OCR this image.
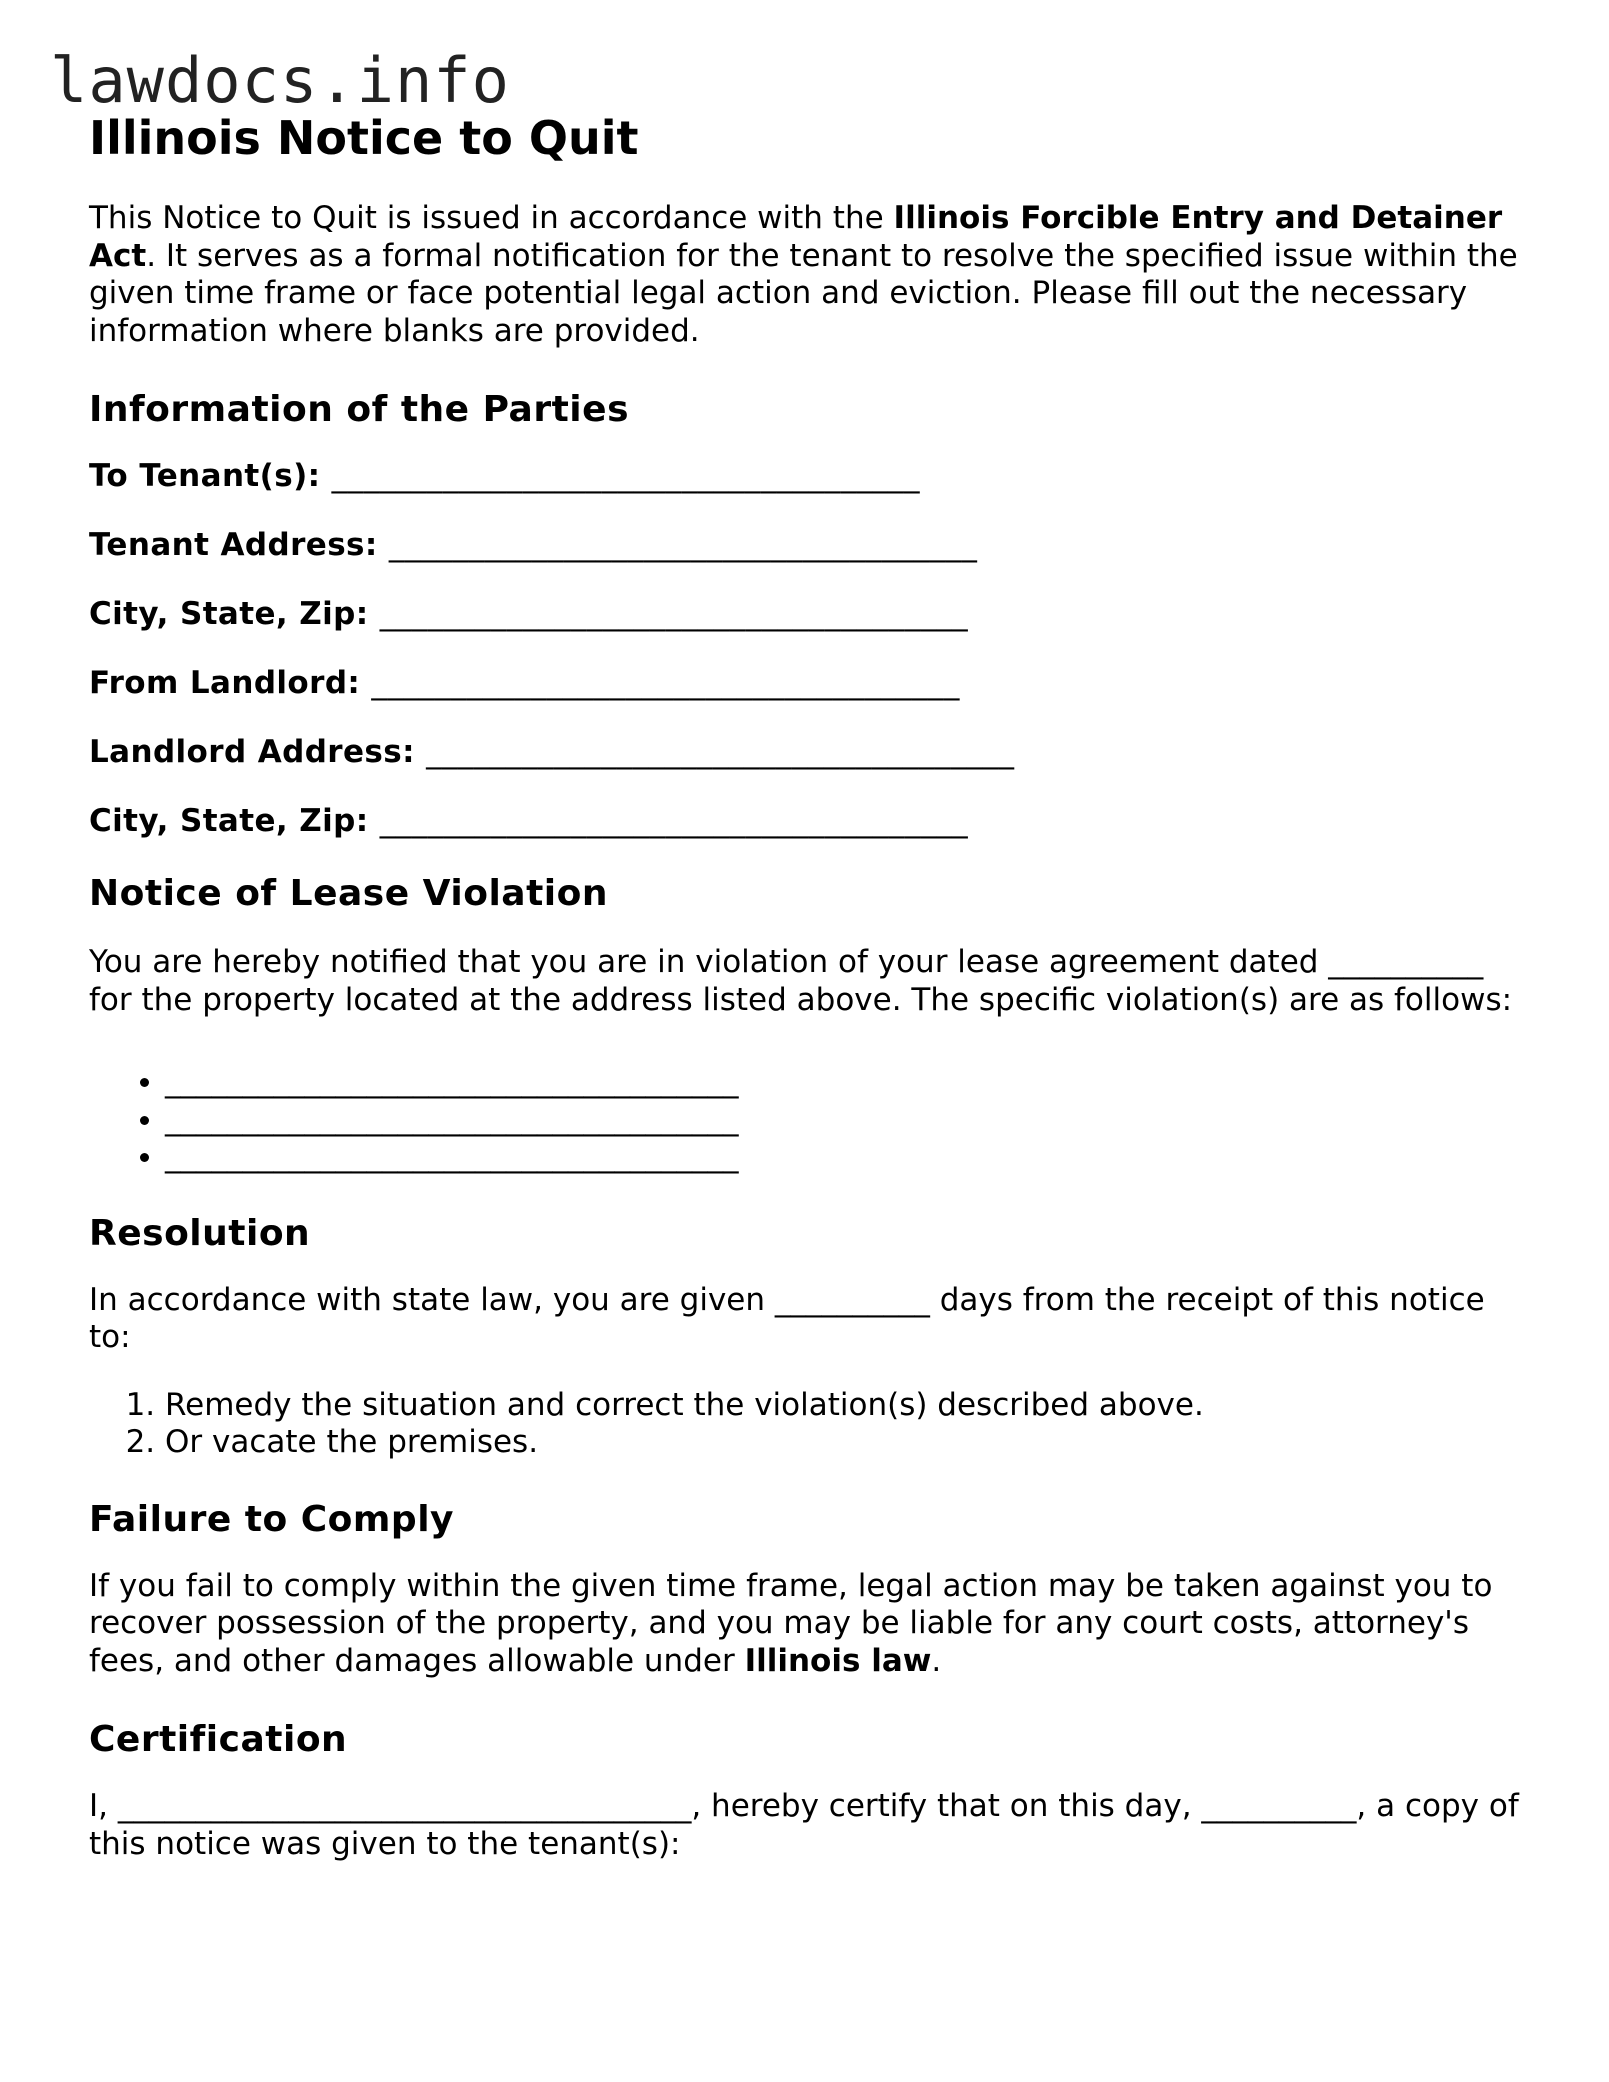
lawdocs.info
Illinois Notice to Quit

This Notice to Quit is issued in accordance with the Illinois Forcible Entry and Detainer Act. It serves as a formal notification for the tenant to resolve the specified issue within the given time frame or face potential legal action and eviction. Please fill out the necessary information where blanks are provided.

Information of the Parties
To Tenant(s): _____________________________________
Tenant Address: _____________________________________
City, State, Zip: _____________________________________
From Landlord: _____________________________________
Landlord Address: _____________________________________
City, State, Zip: _____________________________________
Notice of Lease Violation

You are hereby notified that you are in violation of your lease agreement dated __________ for the property located at the address listed above. The specific violation(s) are as follows:

• _____________________________________
• _____________________________________
• _____________________________________
Resolution

In accordance with state law, you are given __________ days from the receipt of this notice to:

1. Remedy the situation and correct the violation(s) described above.
2. Or vacate the premises.
Failure to Comply

If you fail to comply within the given time frame, legal action may be taken against you to recover possession of the property, and you may be liable for any court costs, attorney's fees, and other damages allowable under Illinois law.

Certification

I, _____________________________________, hereby certify that on this day, __________, a copy of this notice was given to the tenant(s):
